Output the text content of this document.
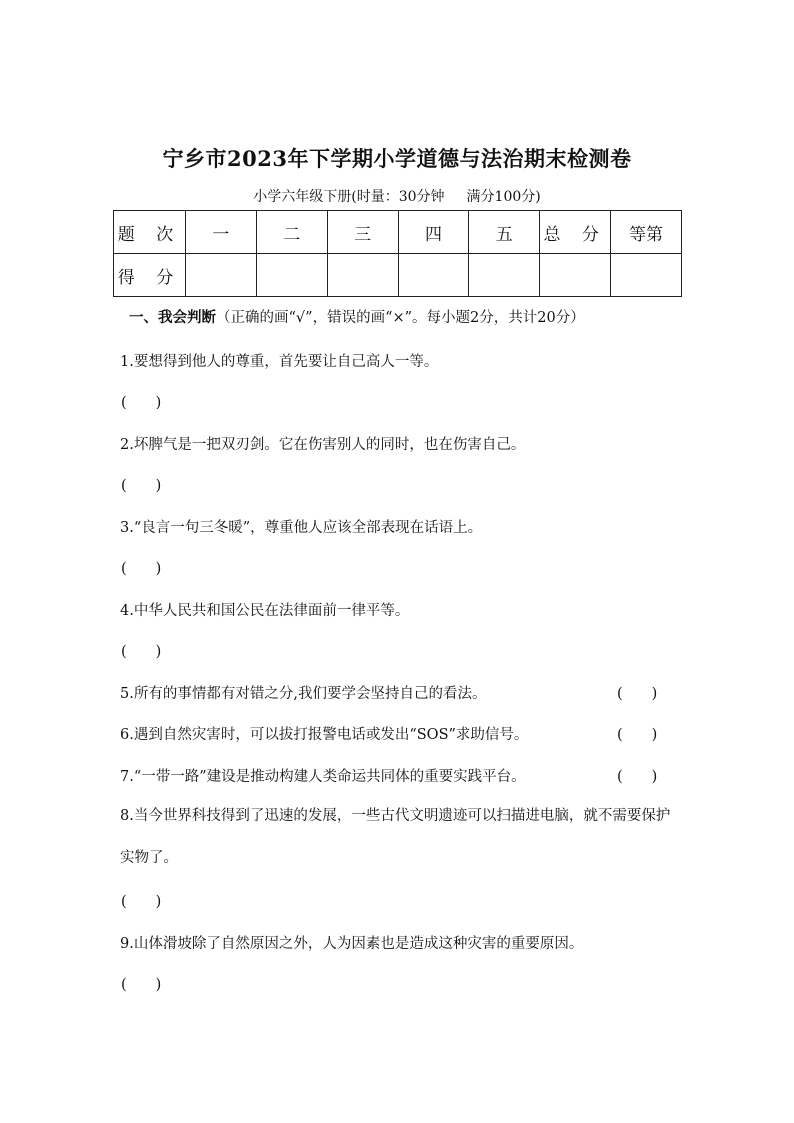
宁乡市2023年下学期小学道德与法治期末检测卷
小学六年级下册(时量：30分钟 满分100分)
题 次	一	二	三	四	五	总 分	等第
得 分							
一、我会判断（正确的画“√”，错误的画“×”。每小题2分，共计20分）
1.要想得到他人的尊重，首先要让自己高人一等。
(　　)
2.坏脾气是一把双刃剑。它在伤害别人的同时，也在伤害自己。
(　　)
3.“良言一句三冬暖”，尊重他人应该全部表现在话语上。
(　　)
4.中华人民共和国公民在法律面前一律平等。
(　　)
5.所有的事情都有对错之分,我们要学会坚持自己的看法。	(　　)
6.遇到自然灾害时，可以拔打报警电话或发出“SOS”求助信号。	(　　)
7.“一带一路”建设是推动构建人类命运共同体的重要实践平台。	(　　)
8.当今世界科技得到了迅速的发展，一些古代文明遗迹可以扫描进电脑，就不需要保护实物了。
(　　)
9.山体滑坡除了自然原因之外，人为因素也是造成这种灾害的重要原因。
(　　)
